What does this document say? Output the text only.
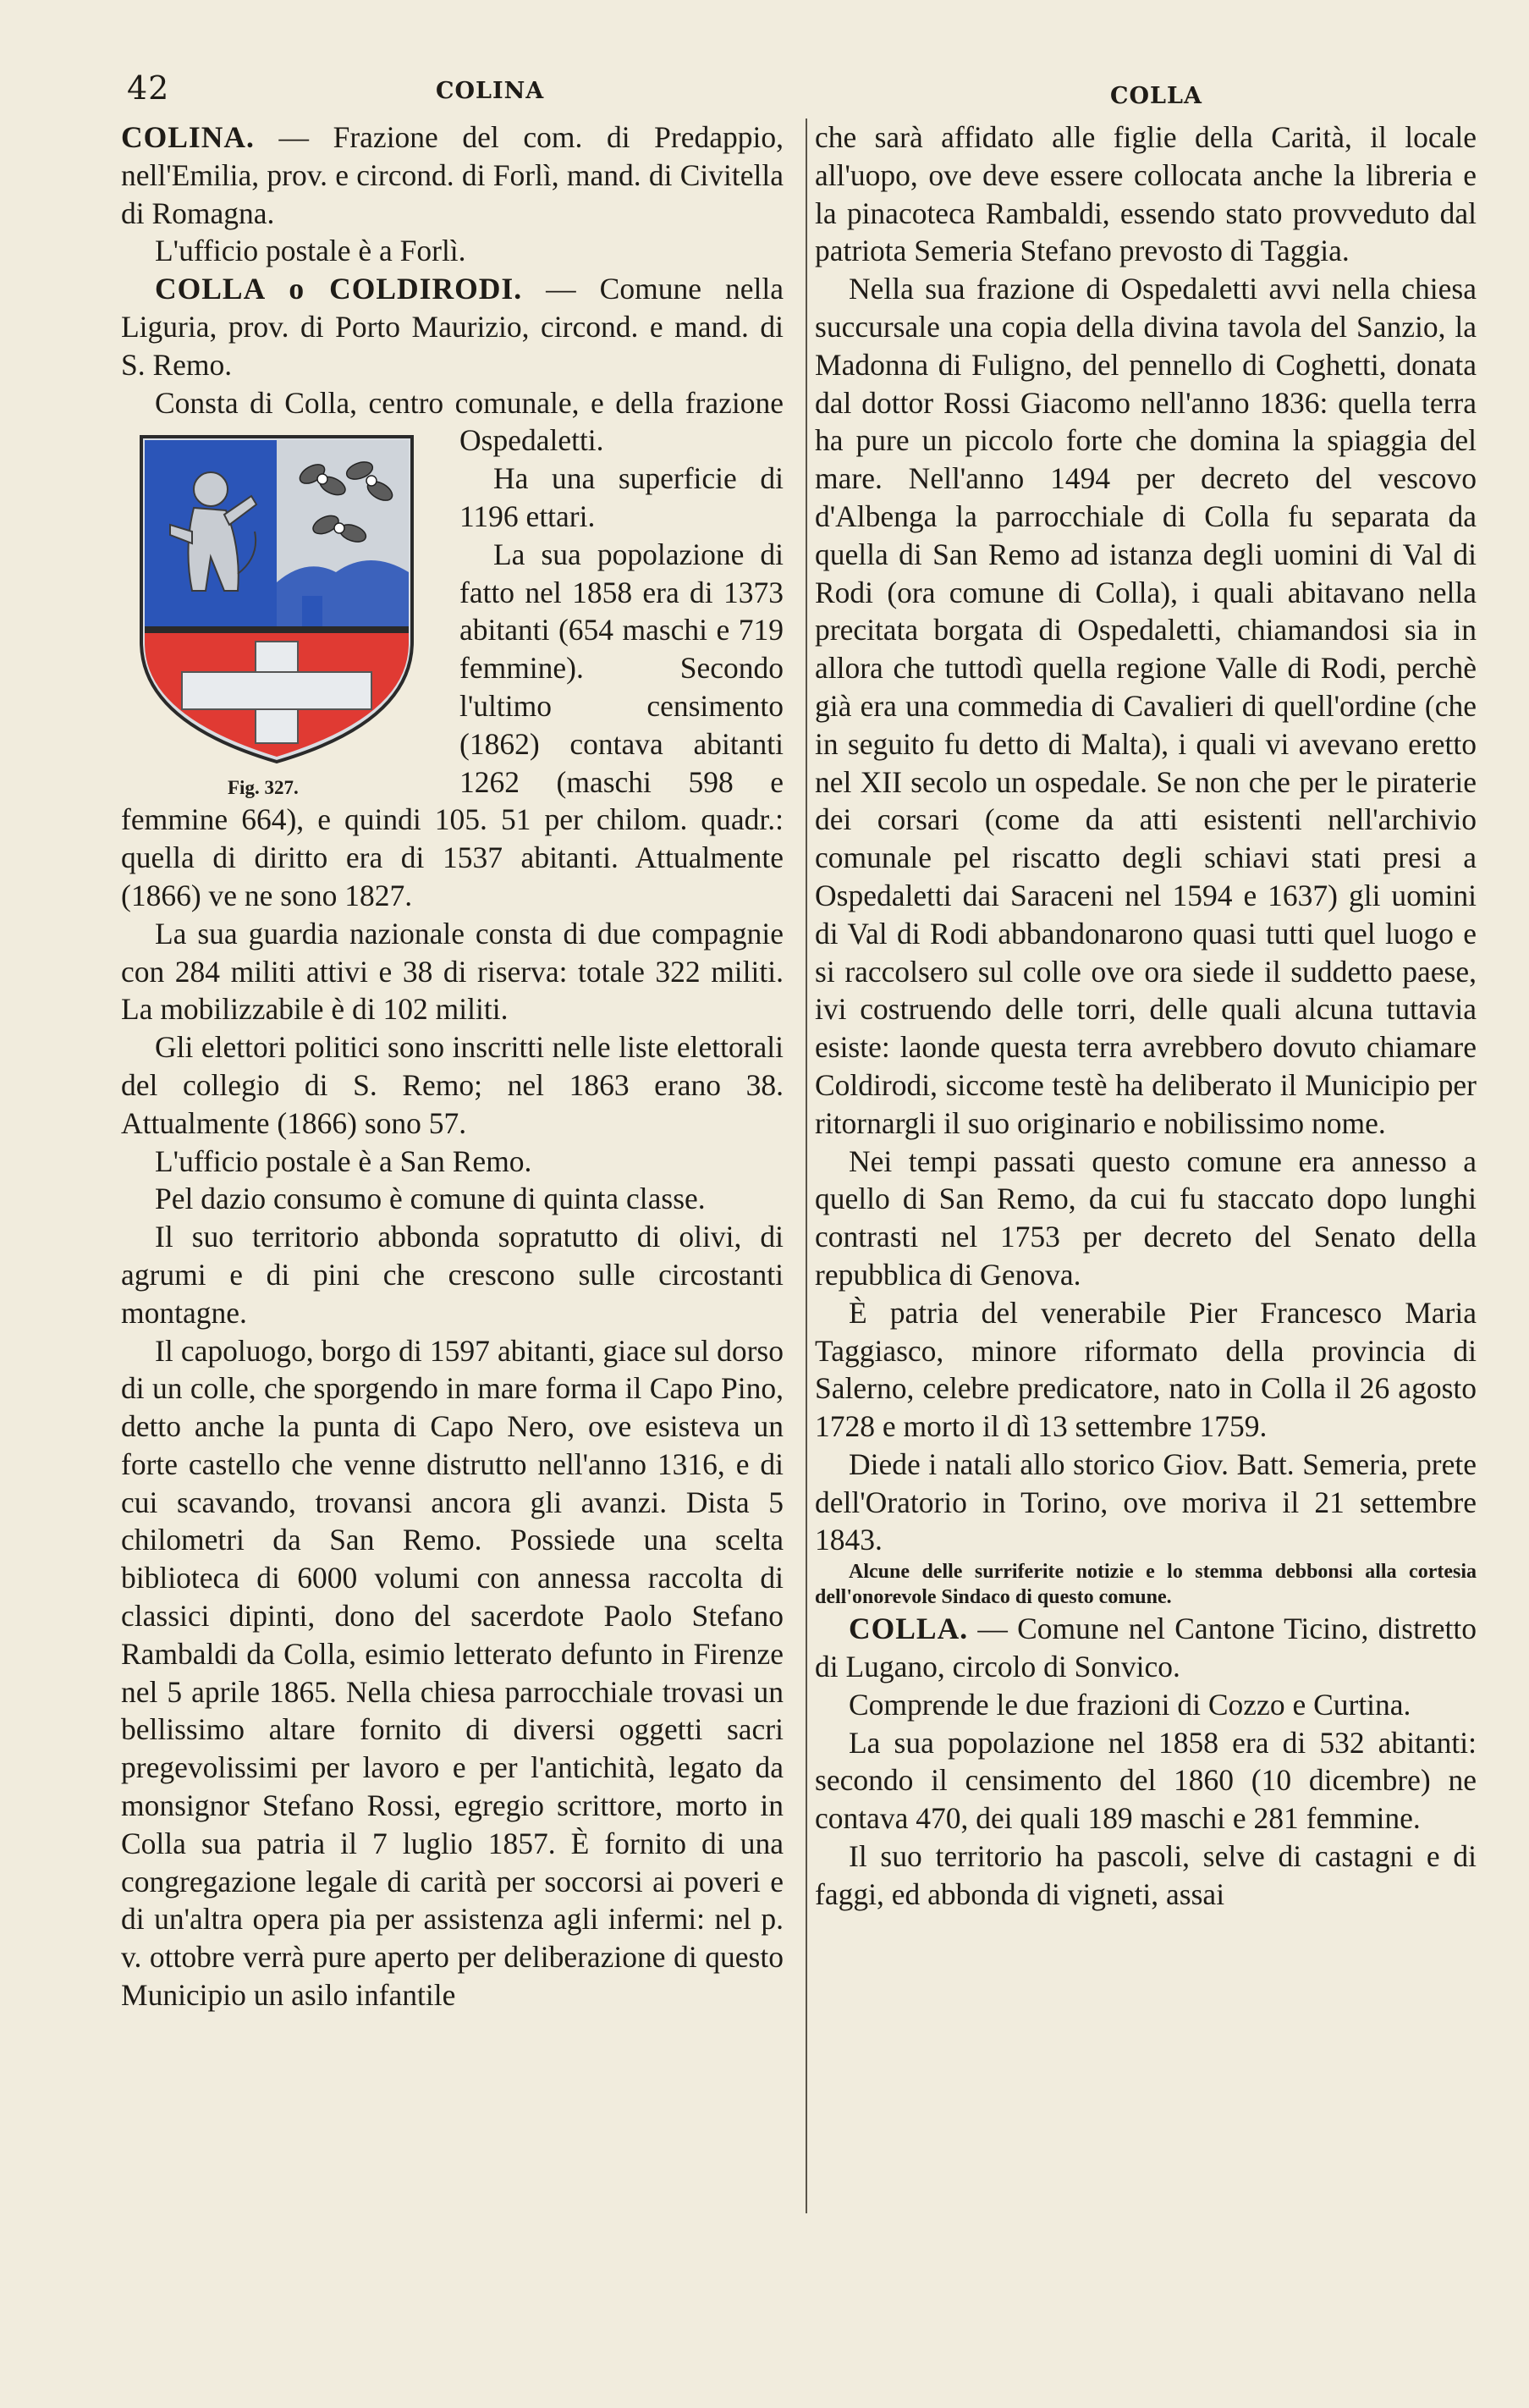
42	COLINA	COLLA

COLINA. — Frazione del com. di Predappio, nell'Emilia, prov. e circond. di Forlì, mand. di Civitella di Romagna.

L'ufficio postale è a Forlì.

COLLA o COLDIRODI. — Comune nella Liguria, prov. di Porto Maurizio, circond. e mand. di S. Remo.

Fig. 327.

Consta di Colla, centro comunale, e della frazione Ospedaletti.

Ha una superficie di 1196 ettari.

La sua popolazione di fatto nel 1858 era di 1373 abitanti (654 maschi e 719 femmine). Secondo l'ultimo censimento (1862) contava abitanti 1262 (maschi 598 e femmine 664), e quindi 105. 51 per chilom. quadr.: quella di diritto era di 1537 abitanti. Attualmente (1866) ve ne sono 1827.

La sua guardia nazionale consta di due compagnie con 284 militi attivi e 38 di riserva: totale 322 militi. La mobilizzabile è di 102 militi.

Gli elettori politici sono inscritti nelle liste elettorali del collegio di S. Remo; nel 1863 erano 38. Attualmente (1866) sono 57.

L'ufficio postale è a San Remo.

Pel dazio consumo è comune di quinta classe.

Il suo territorio abbonda sopratutto di olivi, di agrumi e di pini che crescono sulle circostanti montagne.

Il capoluogo, borgo di 1597 abitanti, giace sul dorso di un colle, che sporgendo in mare forma il Capo Pino, detto anche la punta di Capo Nero, ove esisteva un forte castello che venne distrutto nell'anno 1316, e di cui scavando, trovansi ancora gli avanzi. Dista 5 chilometri da San Remo. Possiede una scelta biblioteca di 6000 volumi con annessa raccolta di classici dipinti, dono del sacerdote Paolo Stefano Rambaldi da Colla, esimio letterato defunto in Firenze nel 5 aprile 1865. Nella chiesa parrocchiale trovasi un bellissimo altare fornito di diversi oggetti sacri pregevolissimi per lavoro e per l'antichità, legato da monsignor Stefano Rossi, egregio scrittore, morto in Colla sua patria il 7 luglio 1857. È fornito di una congregazione legale di carità per soccorsi ai poveri e di un'altra opera pia per assistenza agli infermi: nel p. v. ottobre verrà pure aperto per deliberazione di questo Municipio un asilo infantile

che sarà affidato alle figlie della Carità, il locale all'uopo, ove deve essere collocata anche la libreria e la pinacoteca Rambaldi, essendo stato provveduto dal patriota Semeria Stefano prevosto di Taggia.

Nella sua frazione di Ospedaletti avvi nella chiesa succursale una copia della divina tavola del Sanzio, la Madonna di Fuligno, del pennello di Coghetti, donata dal dottor Rossi Giacomo nell'anno 1836: quella terra ha pure un piccolo forte che domina la spiaggia del mare. Nell'anno 1494 per decreto del vescovo d'Albenga la parrocchiale di Colla fu separata da quella di San Remo ad istanza degli uomini di Val di Rodi (ora comune di Colla), i quali abitavano nella precitata borgata di Ospedaletti, chiamandosi sia in allora che tuttodì quella regione Valle di Rodi, perchè già era una commedia di Cavalieri di quell'ordine (che in seguito fu detto di Malta), i quali vi avevano eretto nel XII secolo un ospedale. Se non che per le piraterie dei corsari (come da atti esistenti nell'archivio comunale pel riscatto degli schiavi stati presi a Ospedaletti dai Saraceni nel 1594 e 1637) gli uomini di Val di Rodi abbandonarono quasi tutti quel luogo e si raccolsero sul colle ove ora siede il suddetto paese, ivi costruendo delle torri, delle quali alcuna tuttavia esiste: laonde questa terra avrebbero dovuto chiamare Coldirodi, siccome testè ha deliberato il Municipio per ritornargli il suo originario e nobilissimo nome.

Nei tempi passati questo comune era annesso a quello di San Remo, da cui fu staccato dopo lunghi contrasti nel 1753 per decreto del Senato della repubblica di Genova.

È patria del venerabile Pier Francesco Maria Taggiasco, minore riformato della provincia di Salerno, celebre predicatore, nato in Colla il 26 agosto 1728 e morto il dì 13 settembre 1759.

Diede i natali allo storico Giov. Batt. Semeria, prete dell'Oratorio in Torino, ove moriva il 21 settembre 1843.

Alcune delle surriferite notizie e lo stemma debbonsi alla cortesia dell'onorevole Sindaco di questo comune.

COLLA. — Comune nel Cantone Ticino, distretto di Lugano, circolo di Sonvico.

Comprende le due frazioni di Cozzo e Curtina.

La sua popolazione nel 1858 era di 532 abitanti: secondo il censimento del 1860 (10 dicembre) ne contava 470, dei quali 189 maschi e 281 femmine.

Il suo territorio ha pascoli, selve di castagni e di faggi, ed abbonda di vigneti, assai
